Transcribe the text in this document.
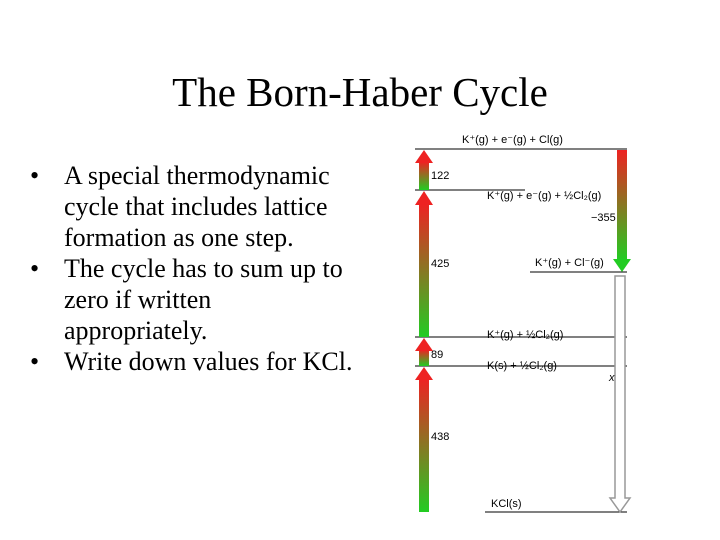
The Born-Haber Cycle

• A special thermodynamic cycle that includes lattice formation as one step.

• The cycle has to sum up to zero if written appropriately.

• Write down values for KCl.

K⁺(g) + e⁻(g) + Cl(g)
K⁺(g) + e⁻(g) + ½Cl₂(g)
K⁺(g) + Cl⁻(g)
K⁺(g) + ½Cl₂(g)
K(s) + ½Cl₂(g)
KCl(s)
122
425
89
438
−355
x
